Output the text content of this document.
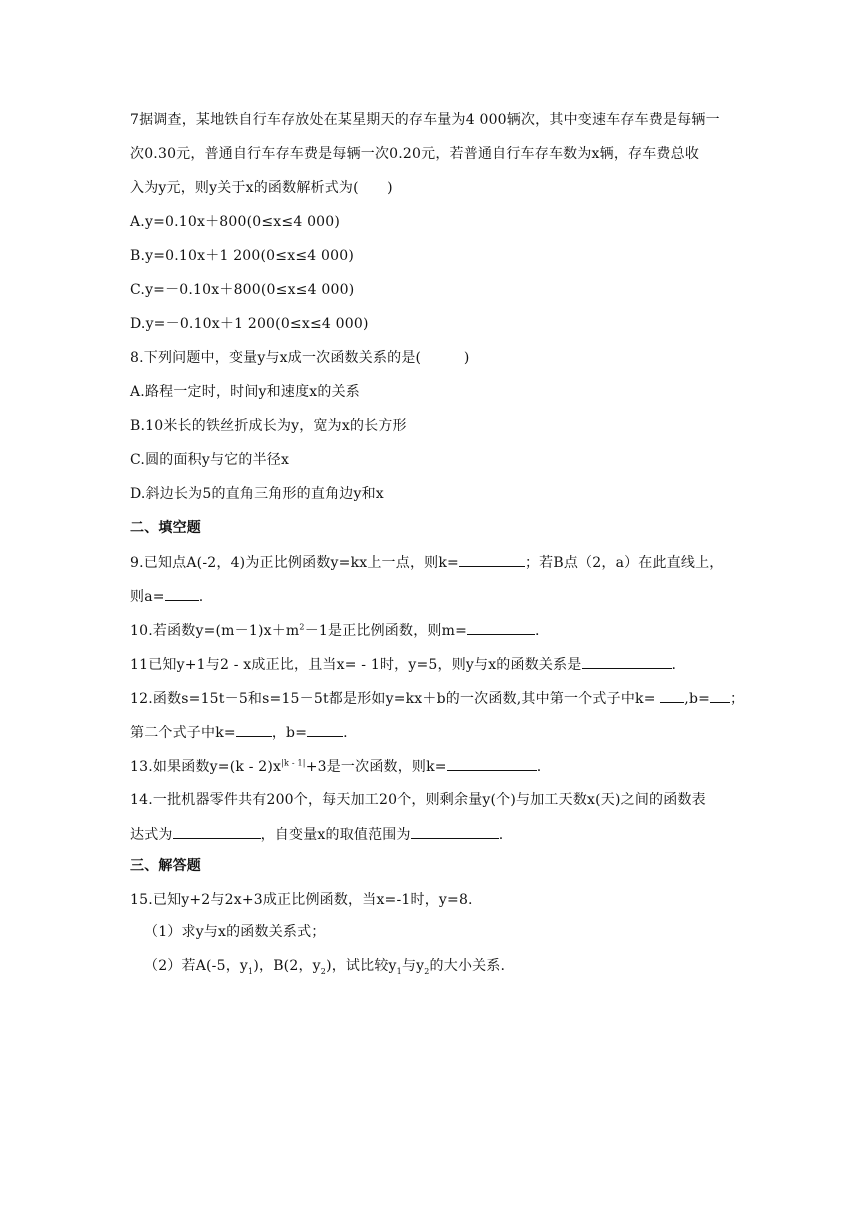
7据调查，某地铁自行车存放处在某星期天的存车量为4 000辆次，其中变速车存车费是每辆一
次0.30元，普通自行车存车费是每辆一次0.20元，若普通自行车存车数为x辆，存车费总收
入为y元，则y关于x的函数解析式为(　　)
A.y=0.10x＋800(0≤x≤4 000)
B.y=0.10x＋1 200(0≤x≤4 000)
C.y=－0.10x＋800(0≤x≤4 000)
D.y=－0.10x＋1 200(0≤x≤4 000)
8.下列问题中，变量y与x成一次函数关系的是(　　　)
A.路程一定时，时间y和速度x的关系
B.10米长的铁丝折成长为y，宽为x的长方形
C.圆的面积y与它的半径x
D.斜边长为5的直角三角形的直角边y和x
二、填空题
9.已知点A(-2，4)为正比例函数y=kx上一点，则k=	；若B点（2，a）在此直线上，
则a= .
10.若函数$y=(m-1)x+m^2-1$是正比例函数，则m=	.
11已知y+1与2 - x成正比，且当x= - 1时，y=5，则y与x的函数关系是	.
12.函数s=15t－5和s=15－5t都是形如y=kx＋b的一次函数,其中第一个式子中k= ,b= ；
第二个式子中k=	，b=	.
13.如果函数$y=(k - 2)x^{|k - 1|}+3$是一次函数，则k=	.
14.一批机器零件共有200个，每天加工20个，则剩余量y(个)与加工天数x(天)之间的函数表
达式为	，自变量x的取值范围为	.
三、解答题
15.已知y+2与2x+3成正比例函数，当x=-1时，y=8.
（1）求y与x的函数关系式；
（2）若A(-5，$y_1$)，B(2，$y_2$)，试比较$y_1$与$y_2$的大小关系.
